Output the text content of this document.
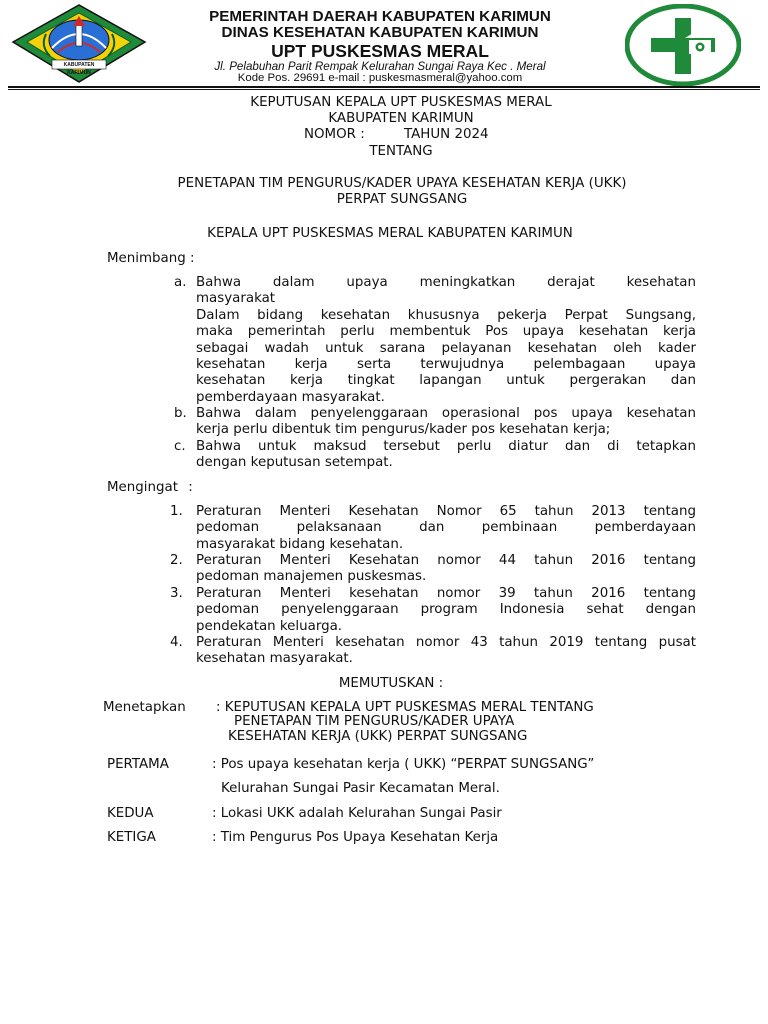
KABUPATEN KARIMUN
PEMERINTAH DAERAH KABUPATEN KARIMUN
DINAS KESEHATAN KABUPATEN KARIMUN
UPT PUSKESMAS MERAL
Jl. Pelabuhan Parit Rempak Kelurahan Sungai Raya Kec . Meral
Kode Pos. 29691 e-mail : puskesmasmeral@yahoo.com
KEPUTUSAN KEPALA UPT PUSKESMAS MERAL
KABUPATEN KARIMUN
NOMOR :	TAHUN 2024
TENTANG
PENETAPAN TIM PENGURUS/KADER UPAYA KESEHATAN KERJA (UKK)
PERPAT SUNGSANG
KEPALA UPT PUSKESMAS MERAL KABUPATEN KARIMUN
Menimbang :
a. Bahwa dalam upaya meningkatkan derajat kesehatan
masyarakat
Dalam bidang kesehatan khususnya pekerja Perpat Sungsang,
maka pemerintah perlu membentuk Pos upaya kesehatan kerja
sebagai wadah untuk sarana pelayanan kesehatan oleh kader
kesehatan kerja serta terwujudnya pelembagaan upaya
kesehatan kerja tingkat lapangan untuk pergerakan dan
pemberdayaan masyarakat.
b. Bahwa dalam penyelenggaraan operasional pos upaya kesehatan
kerja perlu dibentuk tim pengurus/kader pos kesehatan kerja;
c. Bahwa untuk maksud tersebut perlu diatur dan di tetapkan
dengan keputusan setempat.
Mengingat :
1. Peraturan Menteri Kesehatan Nomor 65 tahun 2013 tentang
pedoman pelaksanaan dan pembinaan pemberdayaan
masyarakat bidang kesehatan.
2. Peraturan Menteri Kesehatan nomor 44 tahun 2016 tentang
pedoman manajemen puskesmas.
3. Peraturan Menteri kesehatan nomor 39 tahun 2016 tentang
pedoman penyelenggaraan program Indonesia sehat dengan
pendekatan keluarga.
4. Peraturan Menteri kesehatan nomor 43 tahun 2019 tentang pusat
kesehatan masyarakat.
MEMUTUSKAN :
Menetapkan : KEPUTUSAN KEPALA UPT PUSKESMAS MERAL TENTANG
PENETAPAN TIM PENGURUS/KADER UPAYA
KESEHATAN KERJA (UKK) PERPAT SUNGSANG
PERTAMA	: Pos upaya kesehatan kerja ( UKK) “PERPAT SUNGSANG”
Kelurahan Sungai Pasir Kecamatan Meral.
KEDUA	: Lokasi UKK adalah Kelurahan Sungai Pasir
KETIGA	: Tim Pengurus Pos Upaya Kesehatan Kerja
